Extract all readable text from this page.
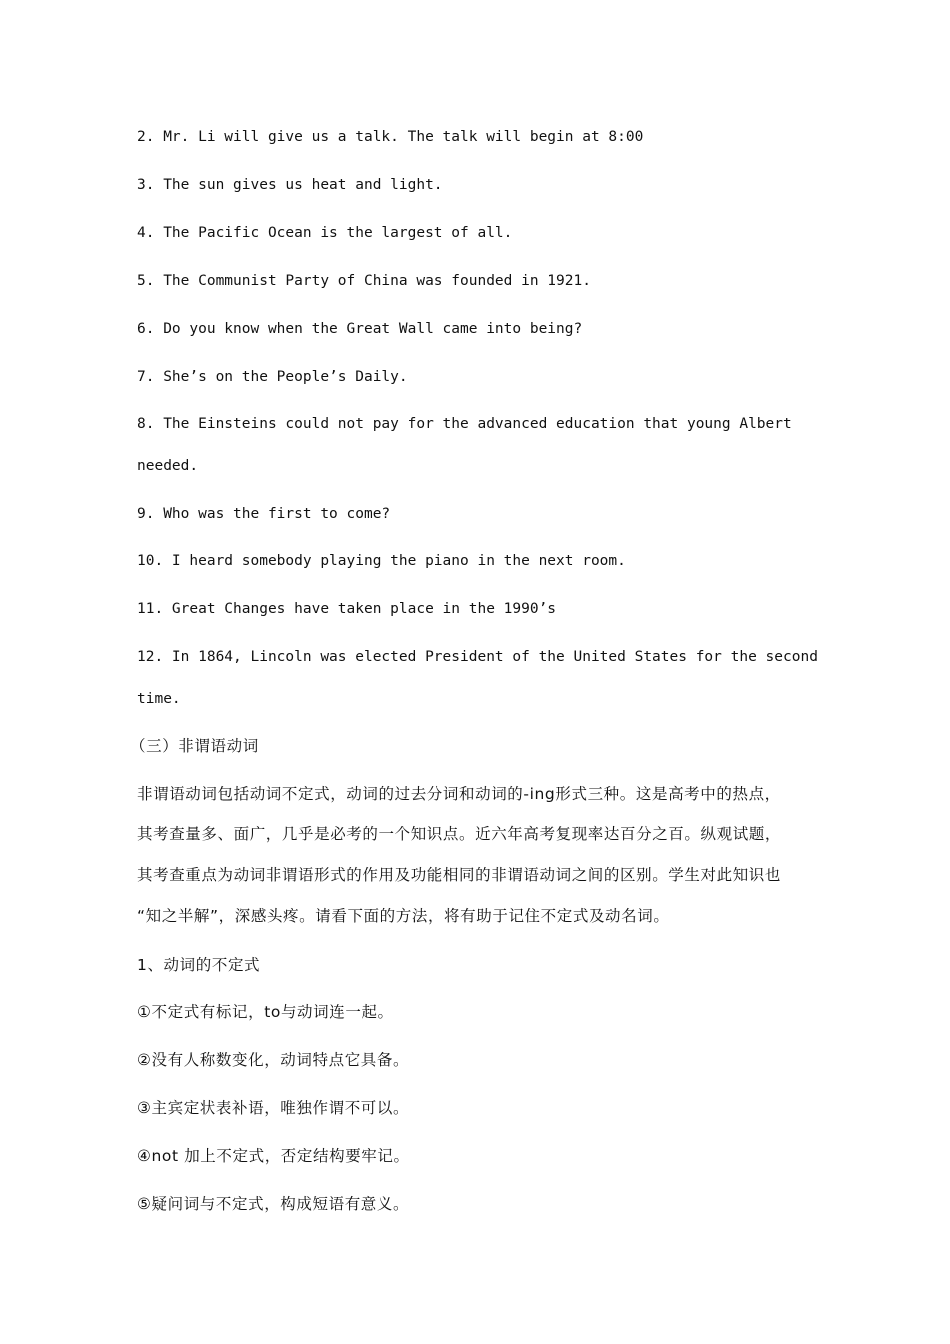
2. Mr. Li will give us a talk. The talk will begin at 8:00

3. The sun gives us heat and light.

4. The Pacific Ocean is the largest of all.

5. The Communist Party of China was founded in 1921.

6. Do you know when the Great Wall came into being?

7. She’s on the People’s Daily.

8. The Einsteins could not pay for the advanced education that young Albert

needed.

9. Who was the first to come?

10. I heard somebody playing the piano in the next room.

11. Great Changes have taken place in the 1990’s

12. In 1864, Lincoln was elected President of the United States for the second

time.

（三）非谓语动词

非谓语动词包括动词不定式，动词的过去分词和动词的-ing形式三种。这是高考中的热点，

其考查量多、面广，几乎是必考的一个知识点。近六年高考复现率达百分之百。纵观试题，

其考查重点为动词非谓语形式的作用及功能相同的非谓语动词之间的区别。学生对此知识也

“知之半解”，深感头疼。请看下面的方法，将有助于记住不定式及动名词。

1、动词的不定式

①不定式有标记，to与动词连一起。

②没有人称数变化，动词特点它具备。

③主宾定状表补语，唯独作谓不可以。

④not 加上不定式，否定结构要牢记。

⑤疑问词与不定式，构成短语有意义。
